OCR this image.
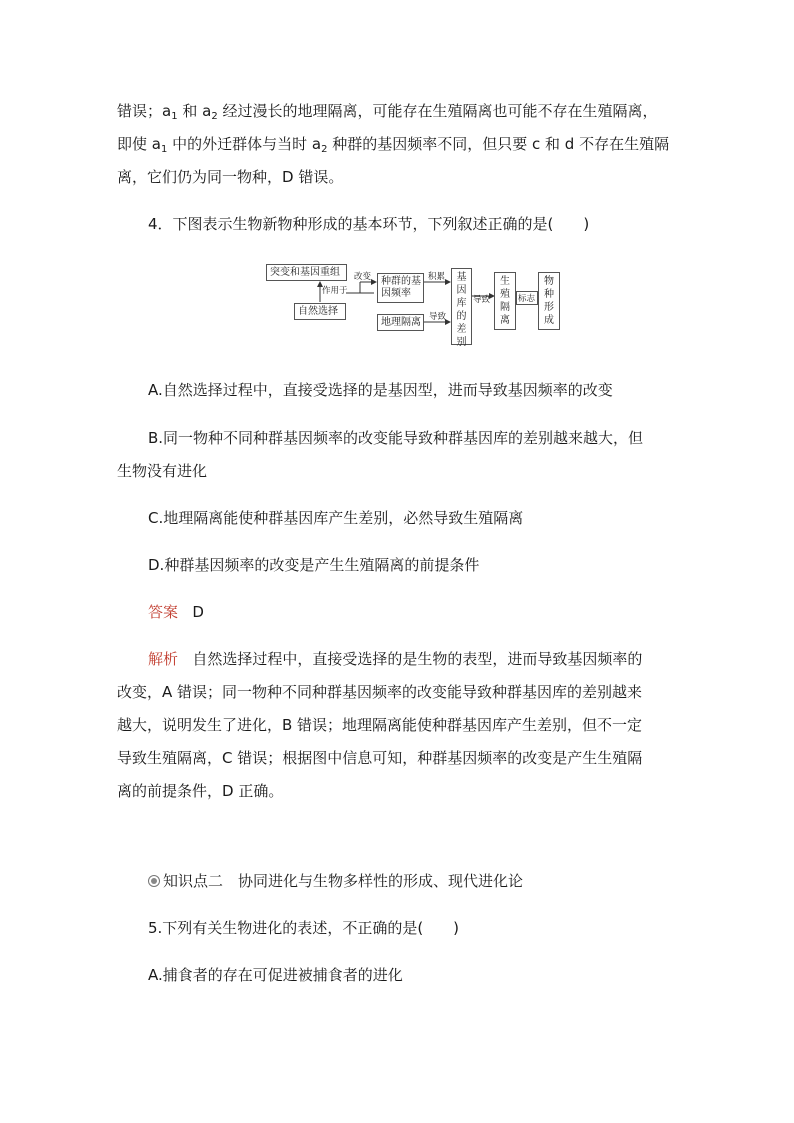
错误；$a_1$ 和 $a_2$ 经过漫长的地理隔离，可能存在生殖隔离也可能不存在生殖隔离，
即使 $a_1$ 中的外迁群体与当时 $a_2$ 种群的基因频率不同，但只要 c 和 d 不存在生殖隔
离，它们仍为同一物种，D 错误。
4．下图表示生物新物种形成的基本环节，下列叙述正确的是(　　)
突变和基因重组
自然选择
作用于
改变 种群的基
因频率
积累
地理隔离 导致
基
因
库
的
差
别
导致
生
殖
隔
离
标志
物
种
形
成
A.自然选择过程中，直接受选择的是基因型，进而导致基因频率的改变
B.同一物种不同种群基因频率的改变能导致种群基因库的差别越来越大，但
生物没有进化
C.地理隔离能使种群基因库产生差别，必然导致生殖隔离
D.种群基因频率的改变是产生生殖隔离的前提条件
答案 D
解析 自然选择过程中，直接受选择的是生物的表型，进而导致基因频率的
改变，A 错误；同一物种不同种群基因频率的改变能导致种群基因库的差别越来
越大，说明发生了进化，B 错误；地理隔离能使种群基因库产生差别，但不一定
导致生殖隔离，C 错误；根据图中信息可知，种群基因频率的改变是产生生殖隔
离的前提条件，D 正确。
知识点二　协同进化与生物多样性的形成、现代进化论
5.下列有关生物进化的表述，不正确的是(　　)
A.捕食者的存在可促进被捕食者的进化
